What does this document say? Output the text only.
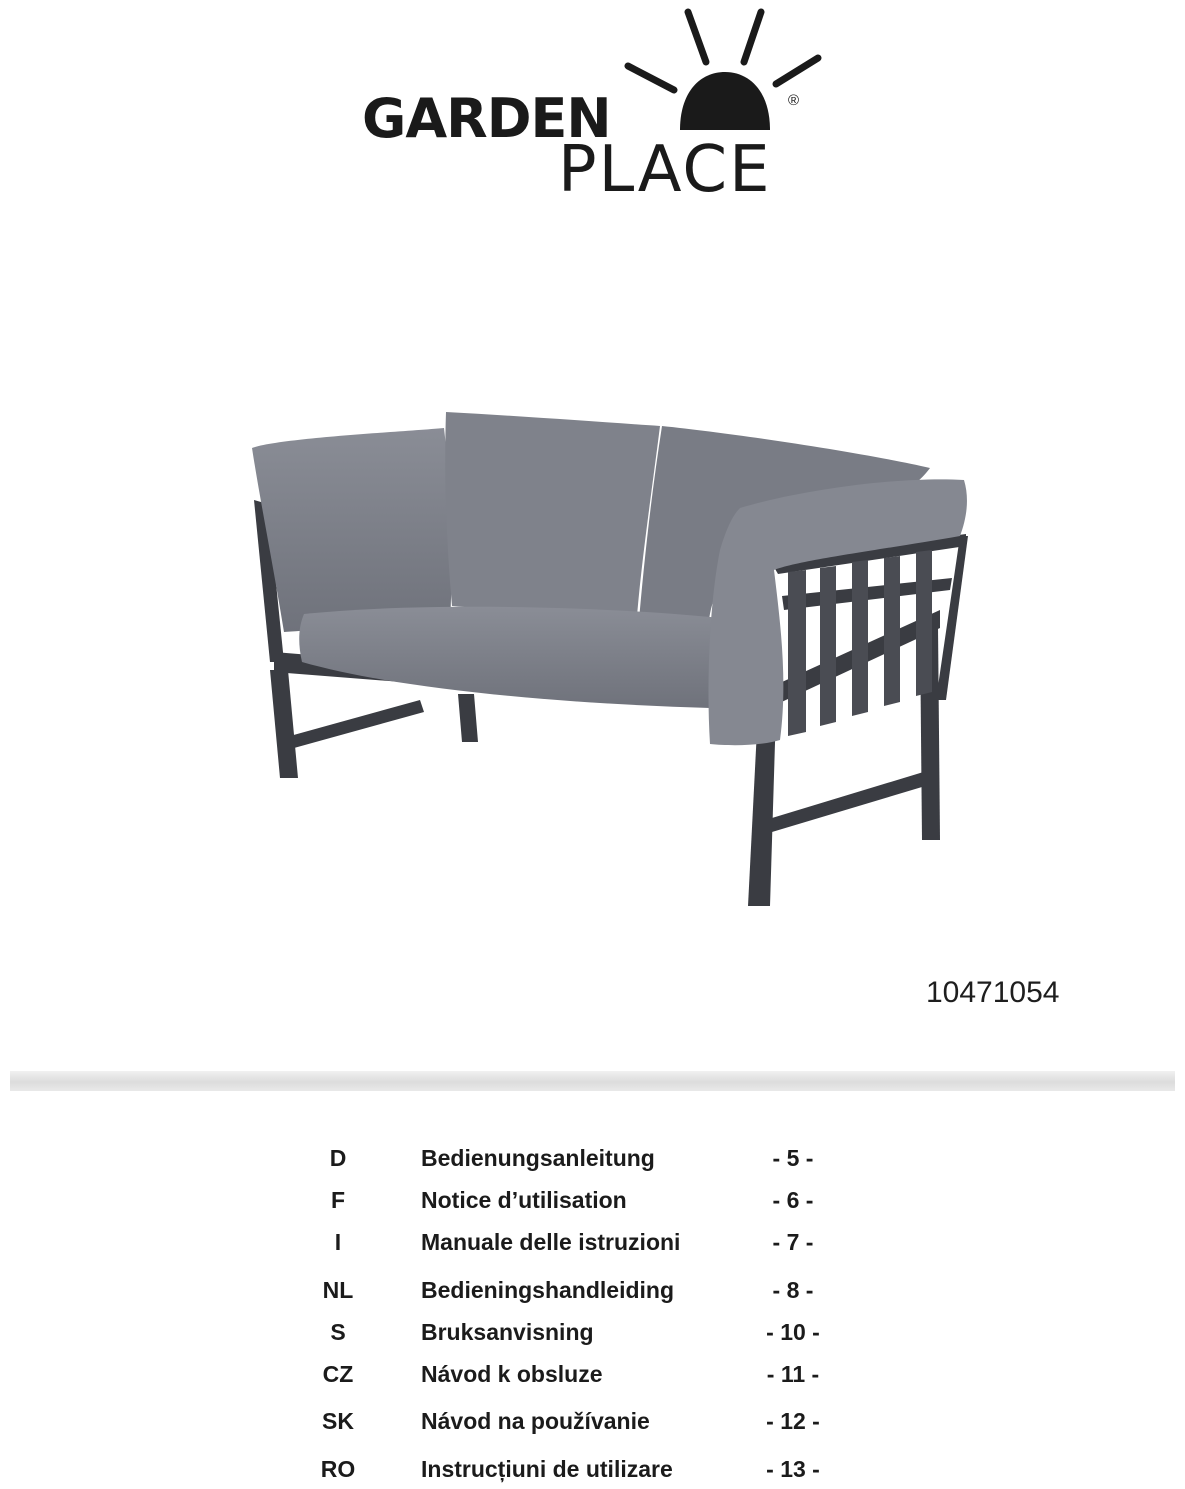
GARDEN	®
PLACE
10471054
D	Bedienungsanleitung	- 5 -
F	Notice d’utilisation	- 6 -
I	Manuale delle istruzioni	- 7 -
NL	Bedieningshandleiding	- 8 -
S	Bruksanvisning	- 10 -
CZ	Návod k obsluze	- 11 -
SK	Návod na používanie	- 12 -
RO	Instrucțiuni de utilizare	- 13 -
